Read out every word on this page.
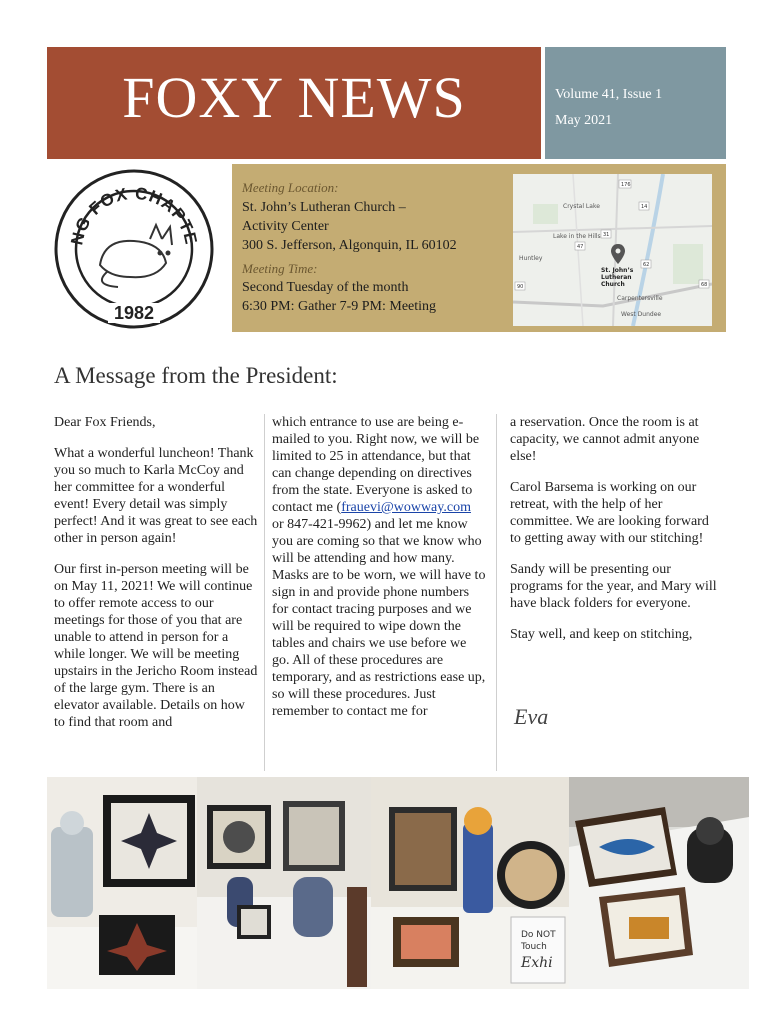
FOXY NEWS	Volume 41, Issue 1
May 2021
NG FOX CHAPTE
1982
Meeting Location:
St. John’s Lutheran Church –
Activity Center
300 S. Jefferson, Algonquin, IL 60102
Meeting Time:
Second Tuesday of the month
6:30 PM: Gather 7-9 PM: Meeting
Crystal Lake
Lake in the Hills
Huntley
Carpentersville
West Dundee
176
14
31
47
62
90	68
St. John’s
Lutheran
Church
A Message from the President:

Dear Fox Friends,

What a wonderful luncheon! Thank you so much to Karla McCoy and her committee for a wonderful event! Every detail was simply perfect! And it was great to see each other in person again!

Our first in-person meeting will be on May 11, 2021! We will continue to offer remote access to our meetings for those of you that are unable to attend in person for a while longer. We will be meeting upstairs in the Jericho Room instead of the large gym. There is an elevator available. Details on how to find that room and

which entrance to use are being e-mailed to you. Right now, we will be limited to 25 in attendance, but that can change depending on directives from the state. Everyone is asked to contact me (frauevi@wowway.com or 847-421-9962) and let me know you are coming so that we know who will be attending and how many. Masks are to be worn, we will have to sign in and provide phone numbers for contact tracing purposes and we will be required to wipe down the tables and chairs we use before we go. All of these procedures are temporary, and as restrictions ease up, so will these procedures. Just remember to contact me for

a reservation. Once the room is at capacity, we cannot admit anyone else!

Carol Barsema is working on our retreat, with the help of her committee. We are looking forward to getting away with our stitching!

Sandy will be presenting our programs for the year, and Mary will have black folders for everyone.

Stay well, and keep on stitching,

Eva
Do NOT
Touch
Exhi
